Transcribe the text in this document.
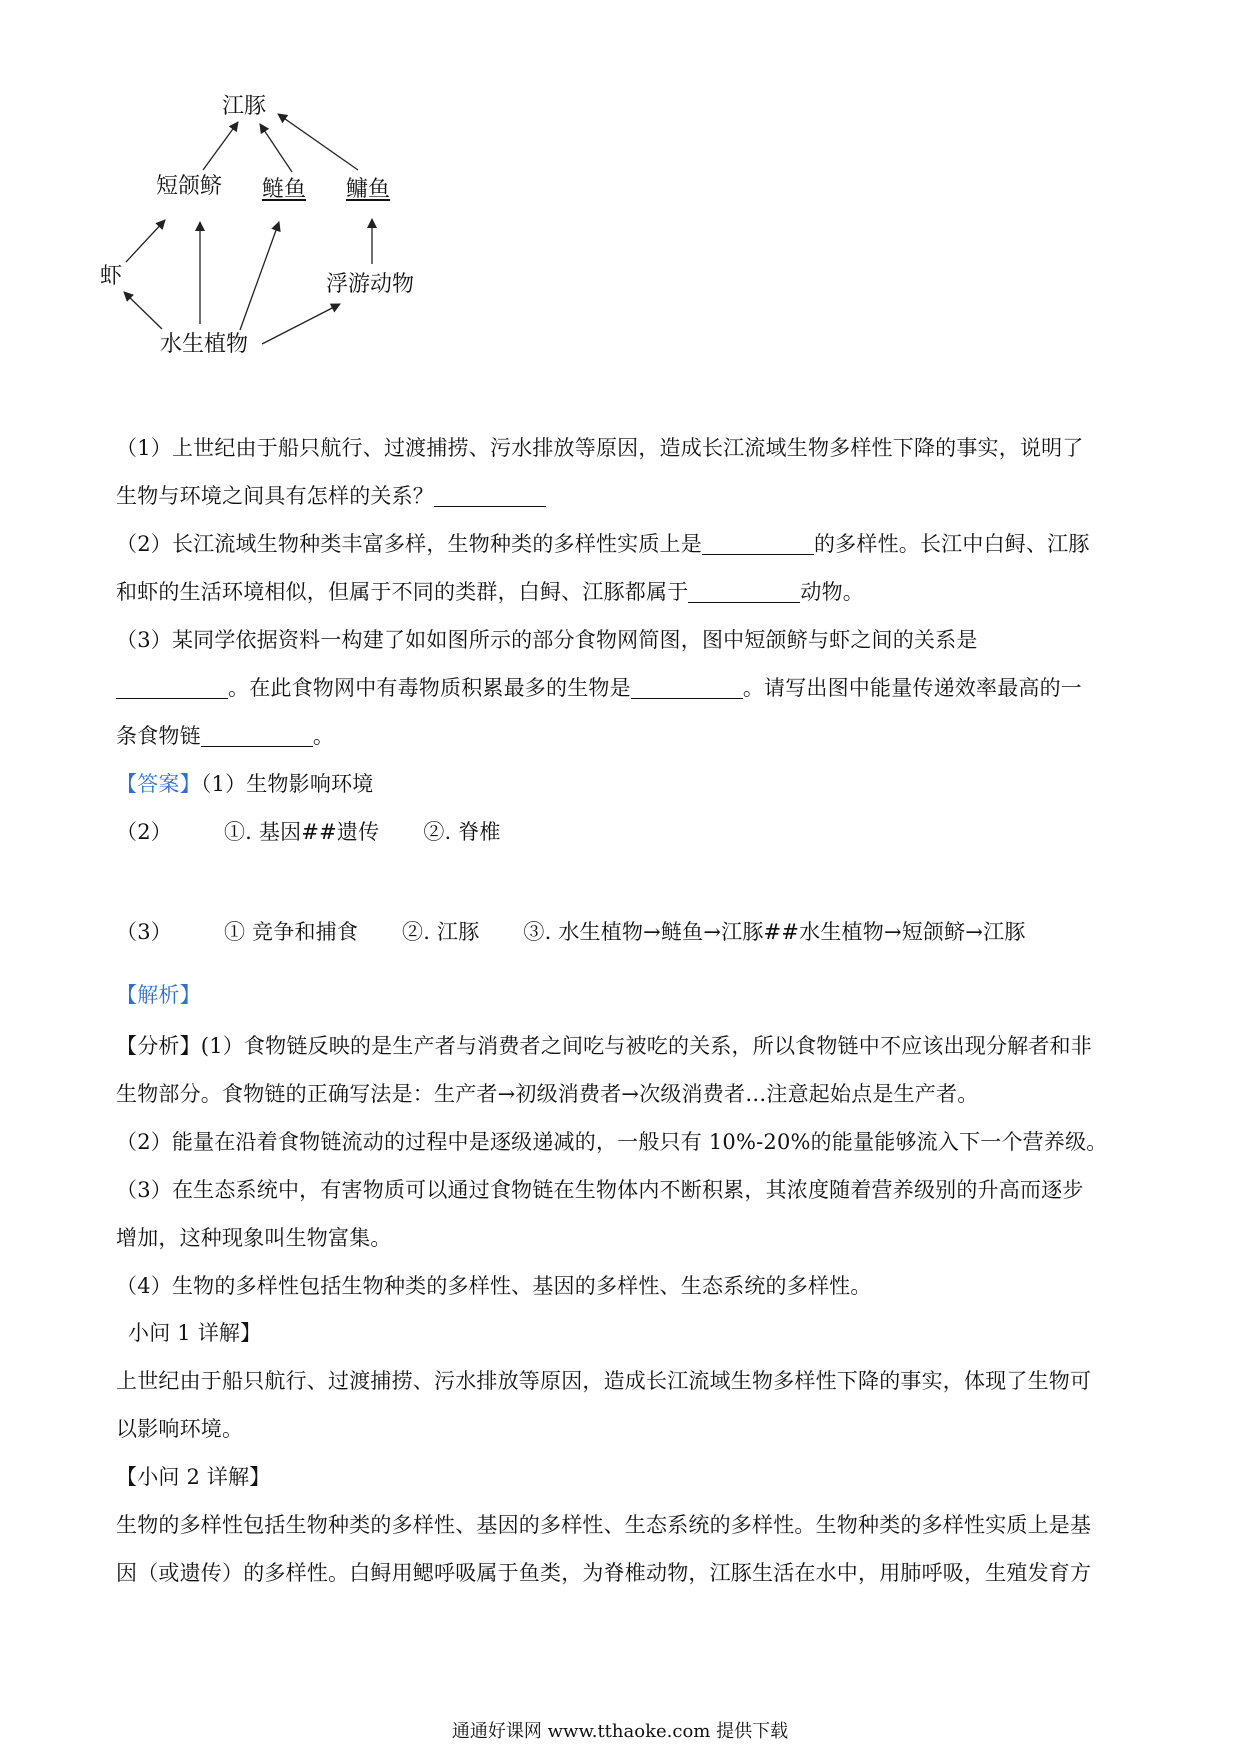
江豚
短颌鲚 鲢鱼 鳙鱼
虾	浮游动物
水生植物
（1）上世纪由于船只航行、过渡捕捞、污水排放等原因，造成长江流域生物多样性下降的事实，说明了
生物与环境之间具有怎样的关系？
（2）长江流域生物种类丰富多样，生物种类的多样性实质上是	的多样性。长江中白鲟、江豚
和虾的生活环境相似，但属于不同的类群，白鲟、江豚都属于	动物。
（3）某同学依据资料一构建了如如图所示的部分食物网简图，图中短颌鲚与虾之间的关系是
。在此食物网中有毒物质积累最多的生物是	。请写出图中能量传递效率最高的一
条食物链	。
【答案】（1）生物影响环境
（2） ①. 基因##遗传 ②. 脊椎
（3） ① 竞争和捕食 ②. 江豚 ③. 水生植物→鲢鱼→江豚##水生植物→短颌鲚→江豚
【解析】
【分析】(1）食物链反映的是生产者与消费者之间吃与被吃的关系，所以食物链中不应该出现分解者和非
生物部分。食物链的正确写法是：生产者→初级消费者→次级消费者…注意起始点是生产者。
（2）能量在沿着食物链流动的过程中是逐级递减的，一般只有 10%-20%的能量能够流入下一个营养级。
（3）在生态系统中，有害物质可以通过食物链在生物体内不断积累，其浓度随着营养级别的升高而逐步
增加，这种现象叫生物富集。
（4）生物的多样性包括生物种类的多样性、基因的多样性、生态系统的多样性。
小问 1 详解】
上世纪由于船只航行、过渡捕捞、污水排放等原因，造成长江流域生物多样性下降的事实，体现了生物可
以影响环境。
【小问 2 详解】
生物的多样性包括生物种类的多样性、基因的多样性、生态系统的多样性。生物种类的多样性实质上是基
因（或遗传）的多样性。白鲟用鳃呼吸属于鱼类，为脊椎动物，江豚生活在水中，用肺呼吸，生殖发育方
通通好课网 www.tthaoke.com 提供下载
